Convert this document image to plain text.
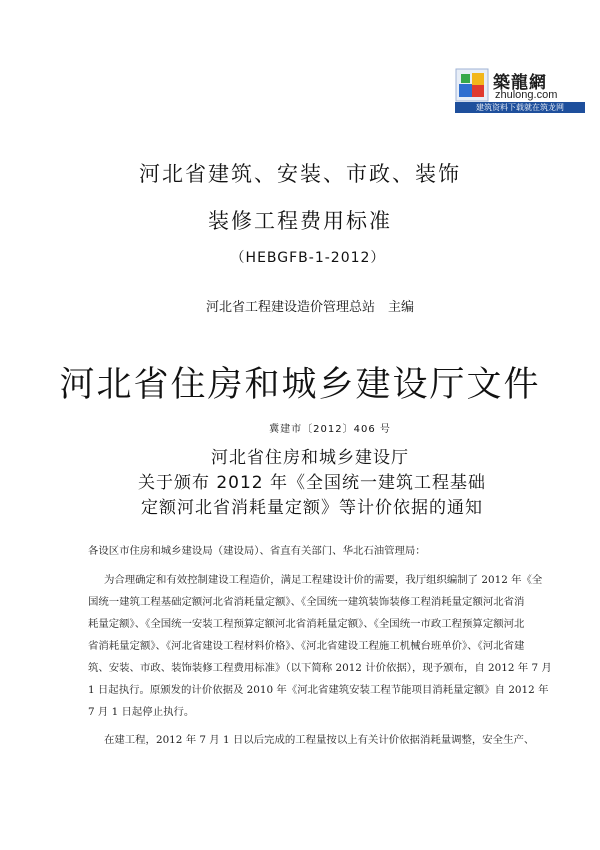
築龍網
zhulong.com
建筑资料下载就在筑龙网
河北省建筑、安装、市政、装饰
装修工程费用标准
（HEBGFB-1-2012）
河北省工程建设造价管理总站　主编
河北省住房和城乡建设厅文件
冀建市〔2012〕406 号
河北省住房和城乡建设厅
关于颁布 2012 年《全国统一建筑工程基础
定额河北省消耗量定额》等计价依据的通知
各设区市住房和城乡建设局（建设局）、省直有关部门、华北石油管理局：
为合理确定和有效控制建设工程造价，满足工程建设计价的需要，我厅组织编制了 2012 年《全
国统一建筑工程基础定额河北省消耗量定额》、《全国统一建筑装饰装修工程消耗量定额河北省消
耗量定额》、《全国统一安装工程预算定额河北省消耗量定额》、《全国统一市政工程预算定额河北
省消耗量定额》、《河北省建设工程材料价格》、《河北省建设工程施工机械台班单价》、《河北省建
筑、安装、市政、装饰装修工程费用标准》（以下简称 2012 计价依据），现予颁布，自 2012 年 7 月
1 日起执行。原颁发的计价依据及 2010 年《河北省建筑安装工程节能项目消耗量定额》自 2012 年
7 月 1 日起停止执行。
在建工程，2012 年 7 月 1 日以后完成的工程量按以上有关计价依据消耗量调整，安全生产、
